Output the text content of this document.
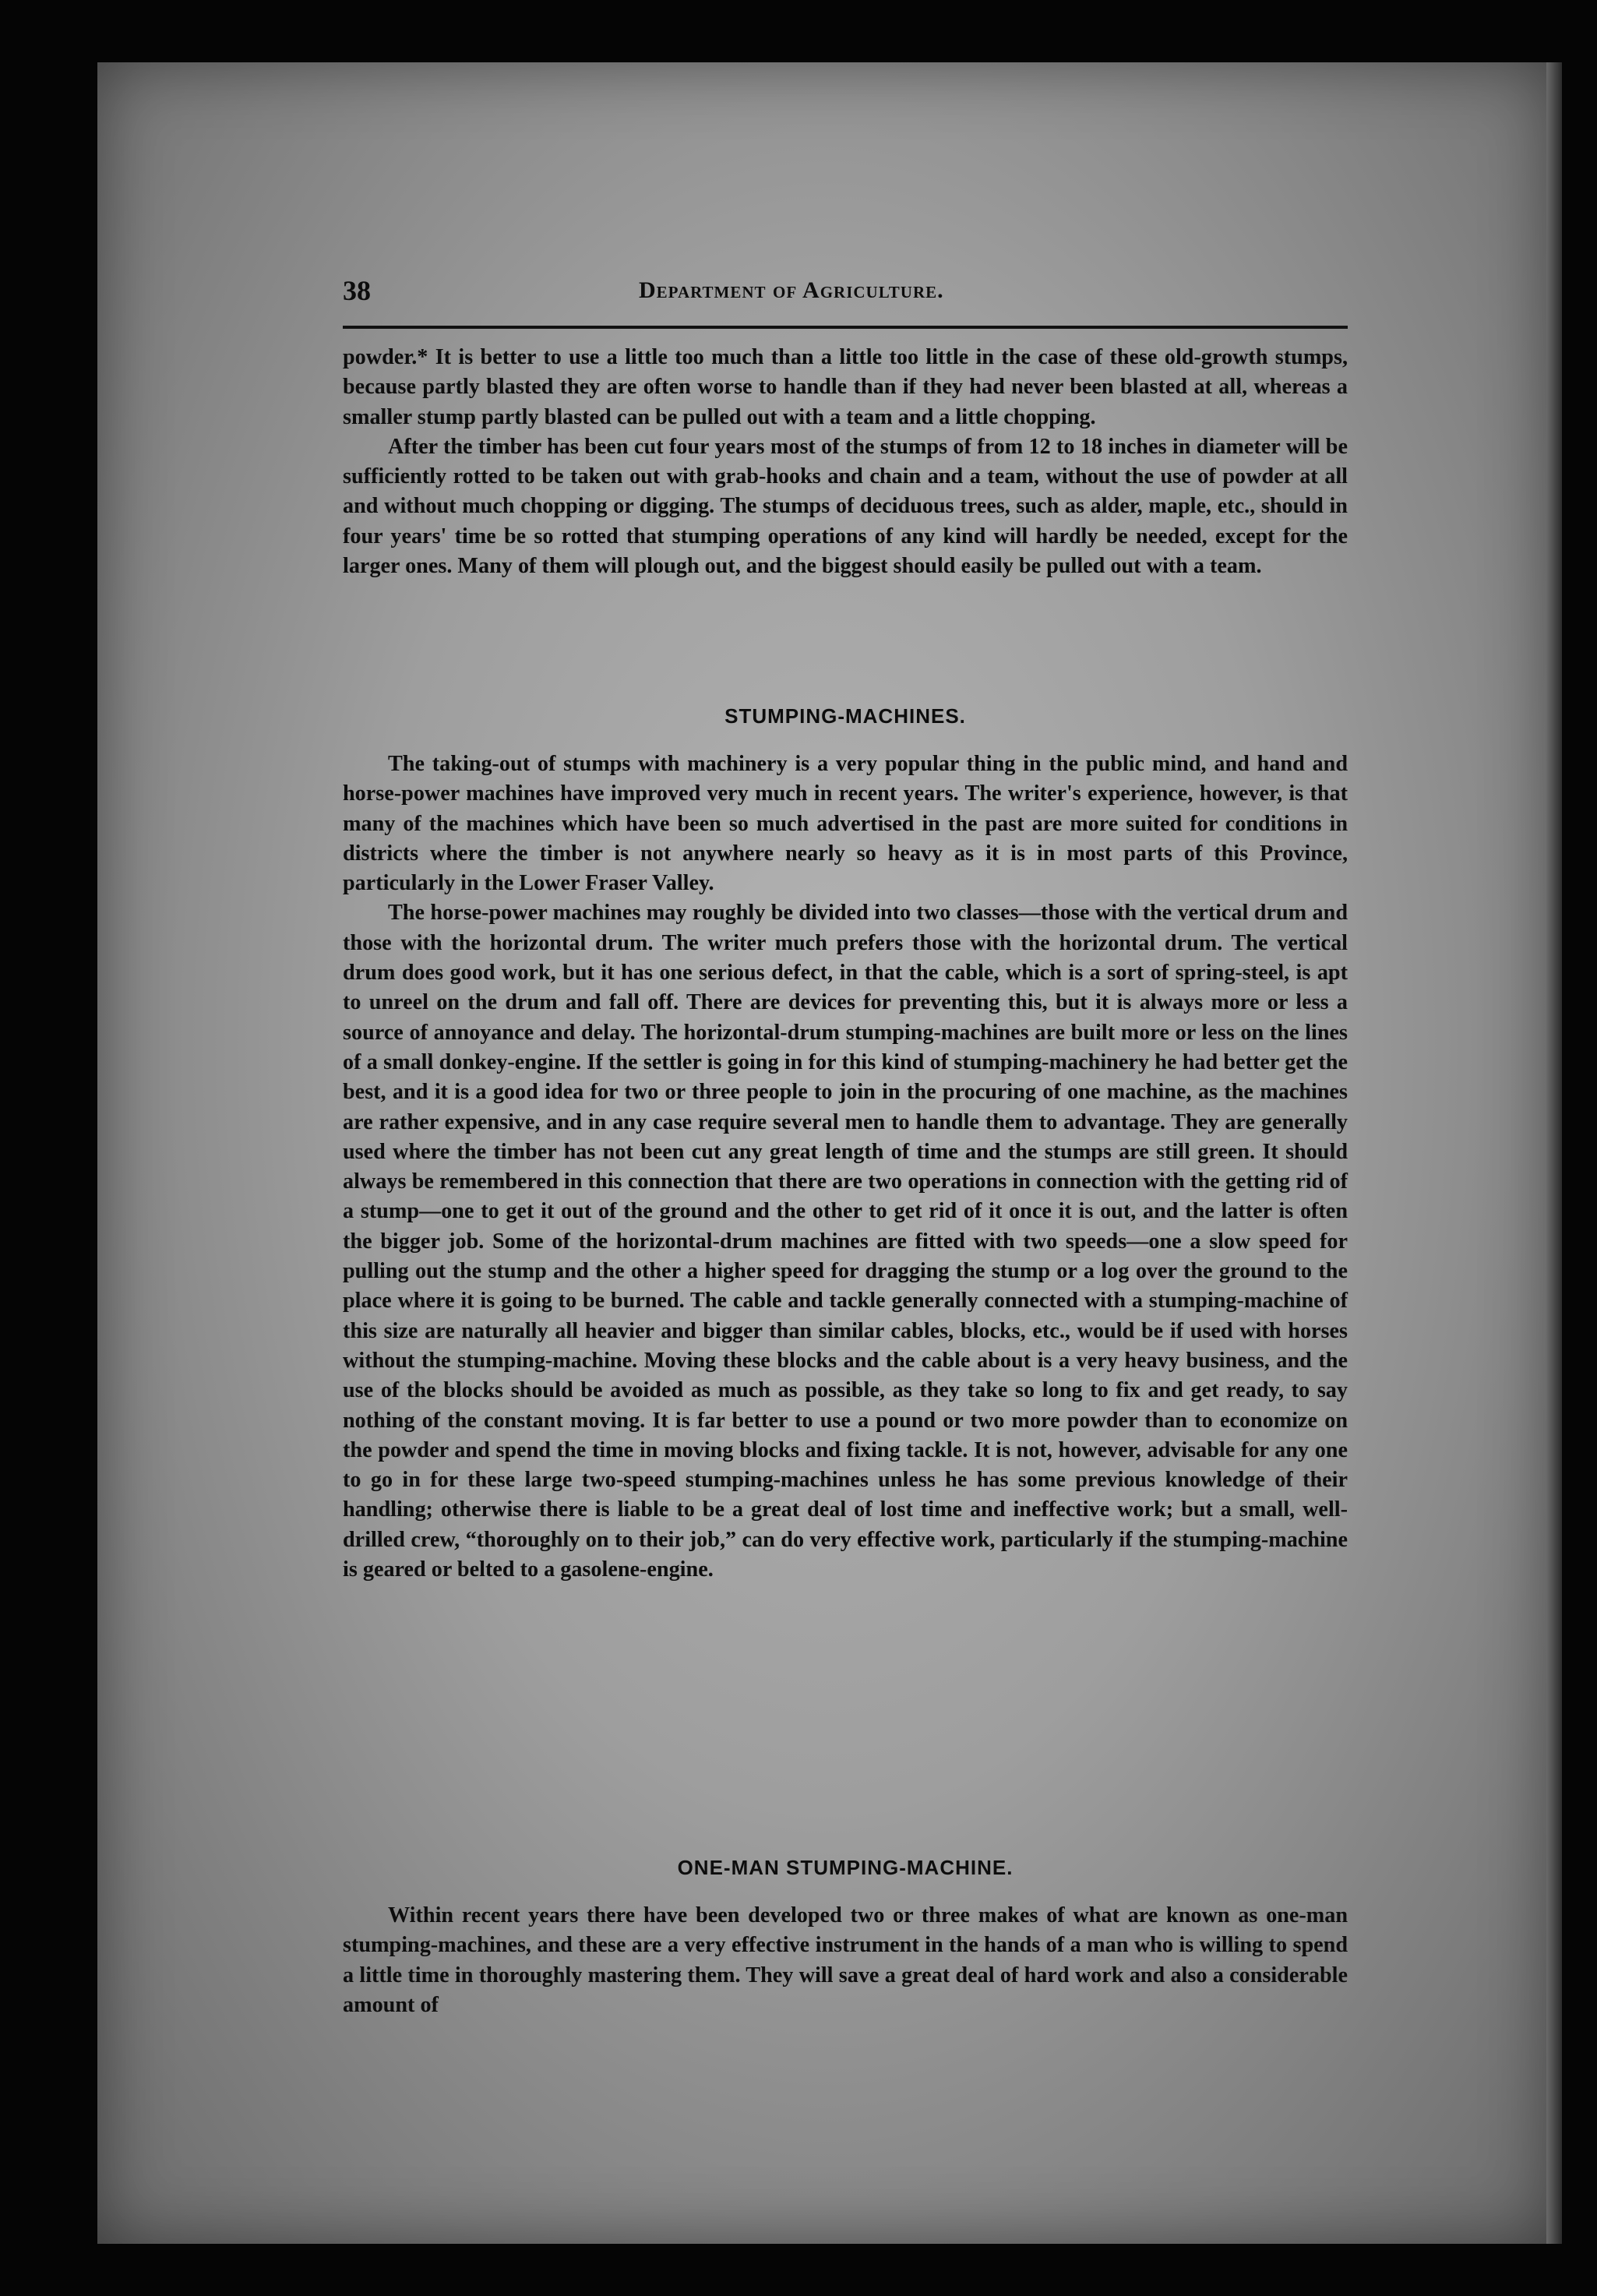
38	Department of Agriculture.

powder.* It is better to use a little too much than a little too little in the case of these old-growth stumps, because partly blasted they are often worse to handle than if they had never been blasted at all, whereas a smaller stump partly blasted can be pulled out with a team and a little chopping.

After the timber has been cut four years most of the stumps of from 12 to 18 inches in diameter will be sufficiently rotted to be taken out with grab-hooks and chain and a team, without the use of powder at all and without much chopping or digging. The stumps of deciduous trees, such as alder, maple, etc., should in four years' time be so rotted that stumping operations of any kind will hardly be needed, except for the larger ones. Many of them will plough out, and the biggest should easily be pulled out with a team.

STUMPING-MACHINES.

The taking-out of stumps with machinery is a very popular thing in the public mind, and hand and horse-power machines have improved very much in recent years. The writer's experience, however, is that many of the machines which have been so much advertised in the past are more suited for conditions in districts where the timber is not anywhere nearly so heavy as it is in most parts of this Province, particularly in the Lower Fraser Valley.

The horse-power machines may roughly be divided into two classes—those with the vertical drum and those with the horizontal drum. The writer much prefers those with the horizontal drum. The vertical drum does good work, but it has one serious defect, in that the cable, which is a sort of spring-steel, is apt to unreel on the drum and fall off. There are devices for preventing this, but it is always more or less a source of annoyance and delay. The horizontal-drum stumping-machines are built more or less on the lines of a small donkey-engine. If the settler is going in for this kind of stumping-machinery he had better get the best, and it is a good idea for two or three people to join in the procuring of one machine, as the machines are rather expensive, and in any case require several men to handle them to advantage. They are generally used where the timber has not been cut any great length of time and the stumps are still green. It should always be remembered in this connection that there are two operations in connection with the getting rid of a stump—one to get it out of the ground and the other to get rid of it once it is out, and the latter is often the bigger job. Some of the horizontal-drum machines are fitted with two speeds—one a slow speed for pulling out the stump and the other a higher speed for dragging the stump or a log over the ground to the place where it is going to be burned. The cable and tackle generally connected with a stumping-machine of this size are naturally all heavier and bigger than similar cables, blocks, etc., would be if used with horses without the stumping-machine. Moving these blocks and the cable about is a very heavy business, and the use of the blocks should be avoided as much as possible, as they take so long to fix and get ready, to say nothing of the constant moving. It is far better to use a pound or two more powder than to economize on the powder and spend the time in moving blocks and fixing tackle. It is not, however, advisable for any one to go in for these large two-speed stumping-machines unless he has some previous knowledge of their handling; otherwise there is liable to be a great deal of lost time and ineffective work; but a small, well-drilled crew, “thoroughly on to their job,” can do very effective work, particularly if the stumping-machine is geared or belted to a gasolene-engine.

ONE-MAN STUMPING-MACHINE.

Within recent years there have been developed two or three makes of what are known as one-man stumping-machines, and these are a very effective instrument in the hands of a man who is willing to spend a little time in thoroughly mastering them. They will save a great deal of hard work and also a considerable amount of
